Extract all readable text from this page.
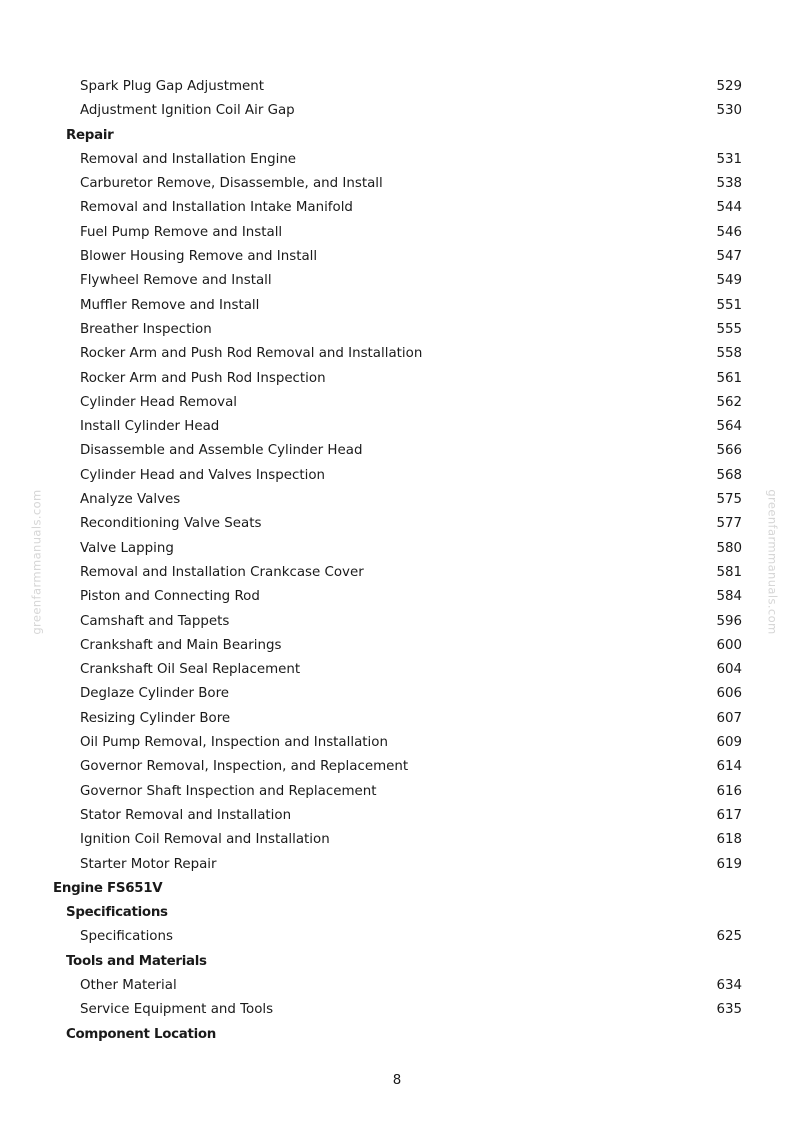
Spark Plug Gap Adjustment	529
Adjustment Ignition Coil Air Gap	530
Repair
Removal and Installation Engine	531
Carburetor Remove, Disassemble, and Install	538
Removal and Installation Intake Manifold	544
Fuel Pump Remove and Install	546
Blower Housing Remove and Install	547
Flywheel Remove and Install	549
Muffler Remove and Install	551
Breather Inspection	555
Rocker Arm and Push Rod Removal and Installation	558
Rocker Arm and Push Rod Inspection	561
Cylinder Head Removal	562
Install Cylinder Head	564
Disassemble and Assemble Cylinder Head	566
Cylinder Head and Valves Inspection	568
Analyze Valves	575
Reconditioning Valve Seats	577
Valve Lapping	580
Removal and Installation Crankcase Cover	581
Piston and Connecting Rod	584
Camshaft and Tappets	596
Crankshaft and Main Bearings	600
Crankshaft Oil Seal Replacement	604
Deglaze Cylinder Bore	606
Resizing Cylinder Bore	607
Oil Pump Removal, Inspection and Installation	609
Governor Removal, Inspection, and Replacement	614
Governor Shaft Inspection and Replacement	616
Stator Removal and Installation	617
Ignition Coil Removal and Installation	618
Starter Motor Repair	619
Engine FS651V
Specifications
Specifications	625
Tools and Materials
Other Material	634
Service Equipment and Tools	635
Component Location
greenfarmmanuals.com	greenfarmmanuals.com
8
